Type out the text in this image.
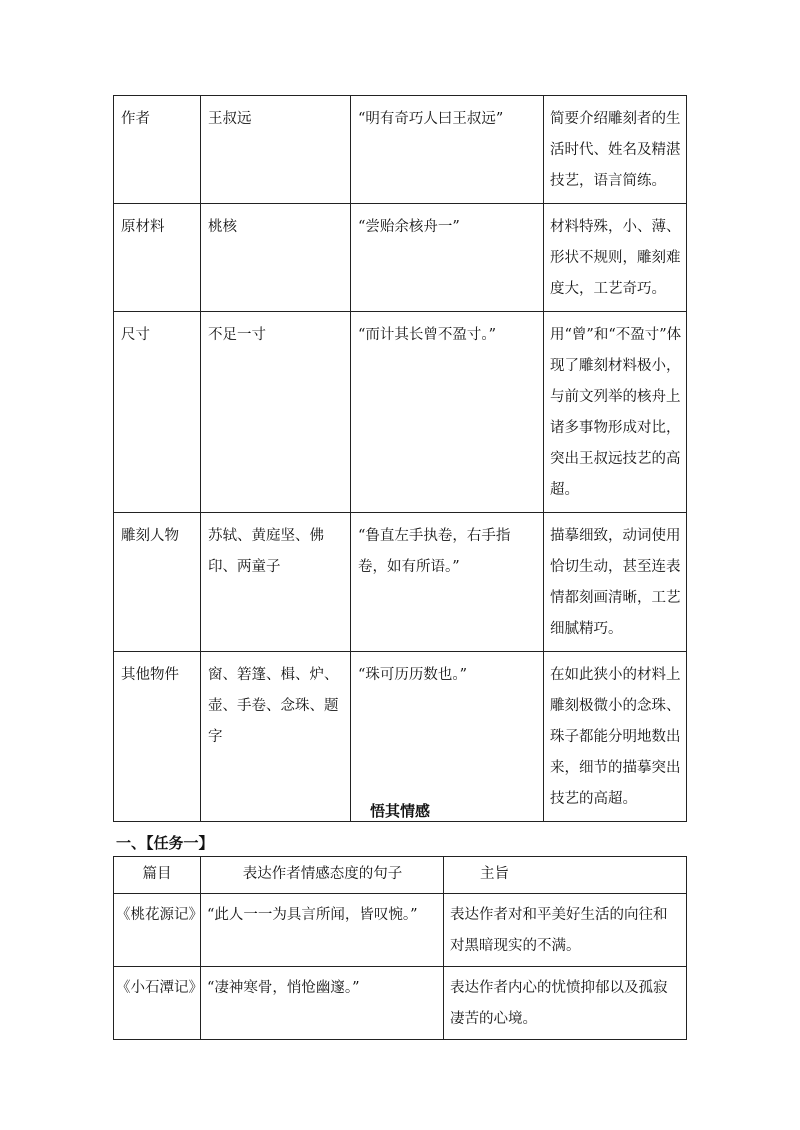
作者	王叔远	“明有奇巧人曰王叔远”	简要介绍雕刻者的生活时代、姓名及精湛技艺，语言简练。
原材料	桃核	“尝贻余核舟一”	材料特殊，小、薄、形状不规则，雕刻难度大，工艺奇巧。
尺寸	不足一寸	“而计其长曾不盈寸。”	用“曾”和“不盈寸”体现了雕刻材料极小，与前文列举的核舟上诸多事物形成对比，突出王叔远技艺的高超。
雕刻人物	苏轼、黄庭坚、佛印、两童子	“鲁直左手执卷，右手指卷，如有所语。”	描摹细致，动词使用恰切生动，甚至连表情都刻画清晰，工艺细腻精巧。
其他物件	窗、箬篷、楫、炉、壶、手卷、念珠、题字	“珠可历历数也。”	在如此狭小的材料上雕刻极微小的念珠、珠子都能分明地数出来，细节的描摹突出技艺的高超。
悟其情感
一、【任务一】
篇目	表达作者情感态度的句子	主旨
《桃花源记》	“此人一一为具言所闻，皆叹惋。”	表达作者对和平美好生活的向往和对黑暗现实的不满。
《小石潭记》	“凄神寒骨，悄怆幽邃。”	表达作者内心的忧愤抑郁以及孤寂凄苦的心境。
